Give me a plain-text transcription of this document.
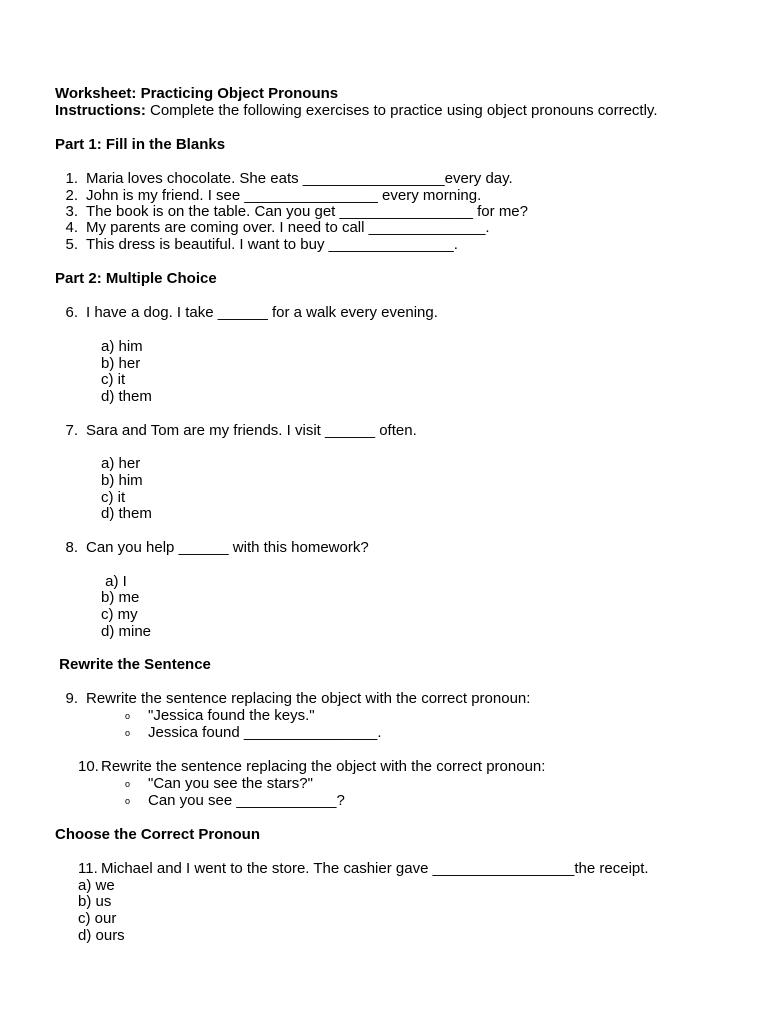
Worksheet: Practicing Object Pronouns
Instructions: Complete the following exercises to practice using object pronouns correctly.
Part 1: Fill in the Blanks
1. Maria loves chocolate. She eats _________________every day.
2. John is my friend. I see ________________ every morning.
3. The book is on the table. Can you get ________________ for me?
4. My parents are coming over. I need to call ______________.
5. This dress is beautiful. I want to buy _______________.
Part 2: Multiple Choice
6. I have a dog. I take ______ for a walk every evening.
a) him
b) her
c) it
d) them
7. Sara and Tom are my friends. I visit ______ often.
a) her
b) him
c) it
d) them
8. Can you help ______ with this homework?
a) I
b) me
c) my
d) mine
Rewrite the Sentence
9. Rewrite the sentence replacing the object with the correct pronoun:
o "Jessica found the keys."
o Jessica found ________________.
10. Rewrite the sentence replacing the object with the correct pronoun:
o "Can you see the stars?"
o Can you see ____________?
Choose the Correct Pronoun
11. Michael and I went to the store. The cashier gave _________________the receipt.
a) we
b) us
c) our
d) ours
